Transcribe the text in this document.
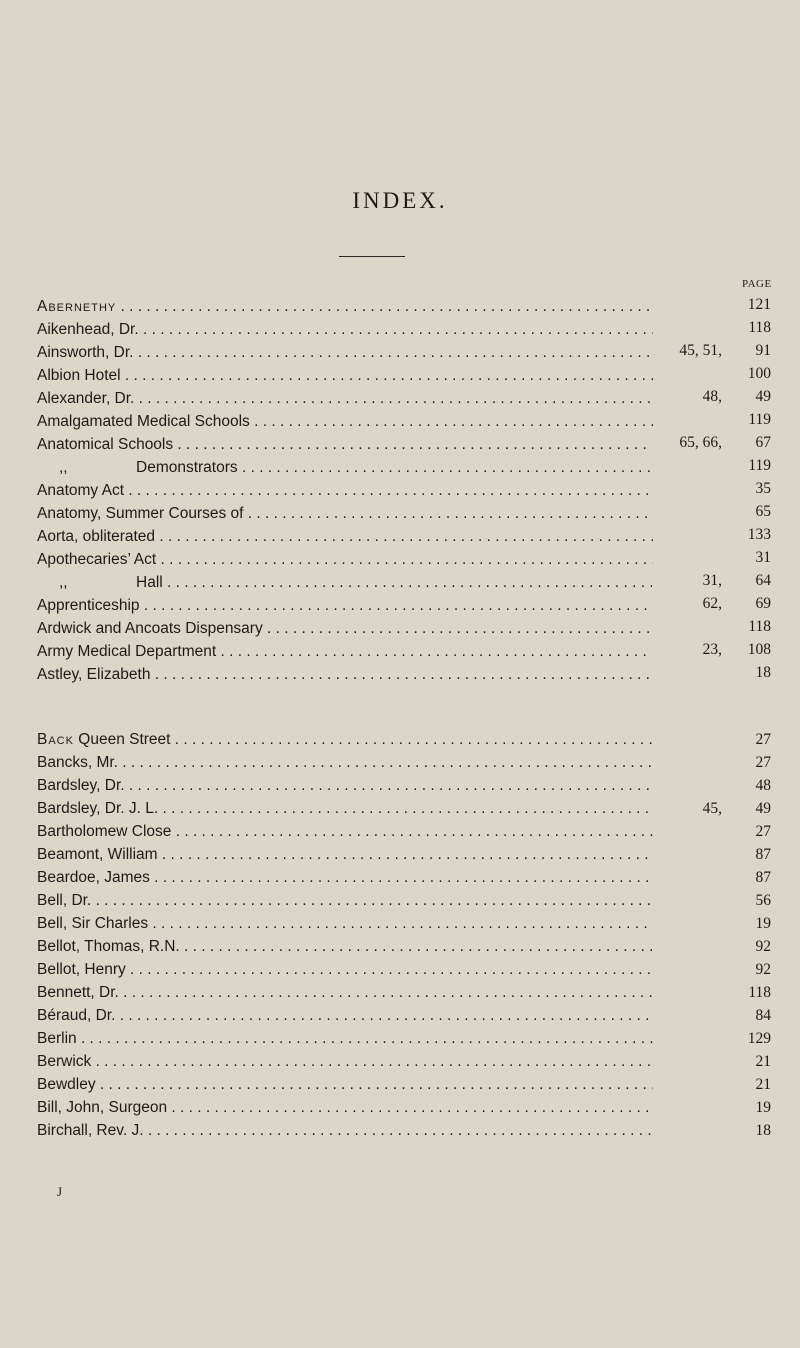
INDEX.
PAGE
Abernethy . . .	121
Aikenhead, Dr. . . .	118
Ainsworth, Dr. . . .	45, 51,	91
Albion Hotel . . .	100
Alexander, Dr. . . .	48,	49
Amalgamated Medical Schools . . .	119
Anatomical Schools . . .	65, 66,	67
,,	Demonstrators . . .	119
Anatomy Act . . .	35
Anatomy, Summer Courses of . . .	65
Aorta, obliterated . . .	133
Apothecaries’ Act . . .	31
,,	Hall . . .	31,	64
Apprenticeship . . .	62,	69
Ardwick and Ancoats Dispensary . . .	118
Army Medical Department . . .	23,	108
Astley, Elizabeth . . .	18
Back Queen Street . . .	27
Bancks, Mr. . . .	27
Bardsley, Dr. . . .	48
Bardsley, Dr. J. L. . . .	45,	49
Bartholomew Close . . .	27
Beamont, William . . .	87
Beardoe, James . . .	87
Bell, Dr. . . .	56
Bell, Sir Charles . . .	19
Bellot, Thomas, R.N. . . .	92
Bellot, Henry . . .	92
Bennett, Dr. . . .	118
Béraud, Dr. . . .	84
Berlin . . .	129
Berwick . . .	21
Bewdley . . .	21
Bill, John, Surgeon . . .	19
Birchall, Rev. J. . . .	18
J
